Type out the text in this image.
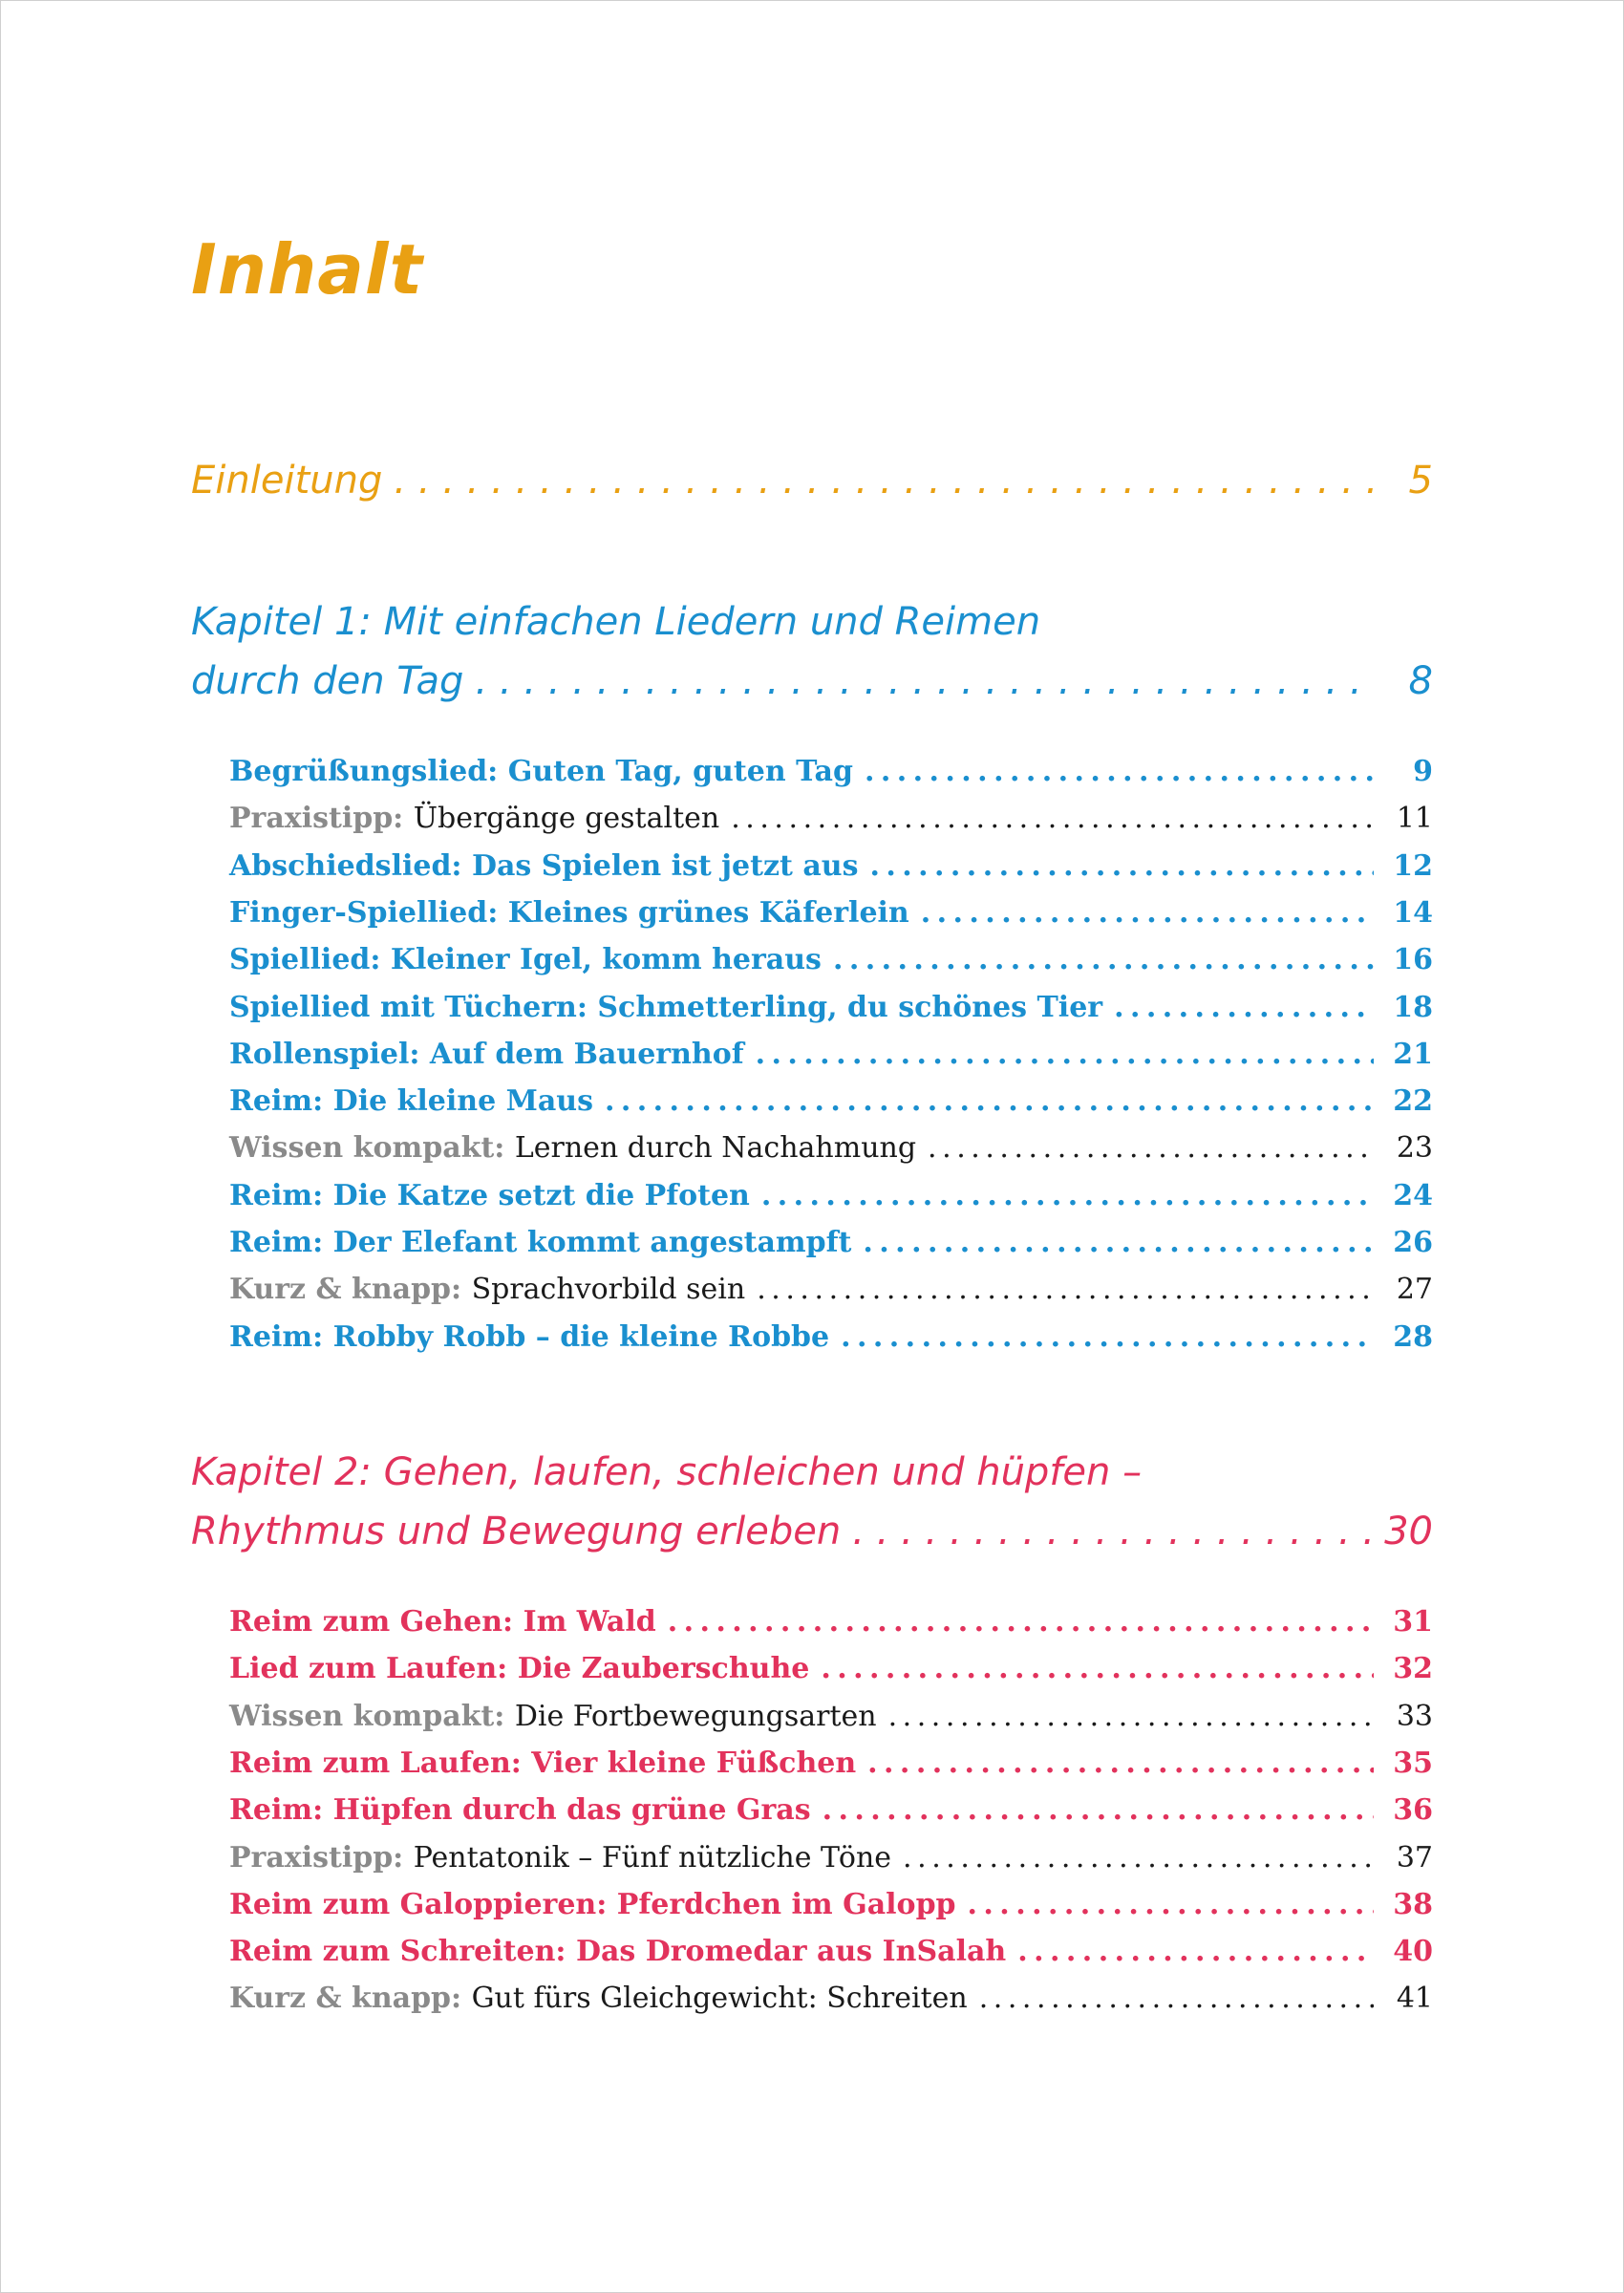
Inhalt
Einleitung . . .	5
Kapitel 1: Mit einfachen Liedern und Reimen
durch den Tag . . .	8
Begrüßungslied: Guten Tag, guten Tag . . .	9
Praxistipp: Übergänge gestalten . . .	11
Abschiedslied: Das Spielen ist jetzt aus . . .	12
Finger-Spiellied: Kleines grünes Käferlein . . .	14
Spiellied: Kleiner Igel, komm heraus . . .	16
Spiellied mit Tüchern: Schmetterling, du schönes Tier . . .	18
Rollenspiel: Auf dem Bauernhof . . .	21
Reim: Die kleine Maus . . .	22
Wissen kompakt: Lernen durch Nachahmung . . .	23
Reim: Die Katze setzt die Pfoten . . .	24
Reim: Der Elefant kommt angestampft . . .	26
Kurz & knapp: Sprachvorbild sein . . .	27
Reim: Robby Robb – die kleine Robbe . . .	28
Kapitel 2: Gehen, laufen, schleichen und hüpfen –
Rhythmus und Bewegung erleben . . .	30
Reim zum Gehen: Im Wald . . .	31
Lied zum Laufen: Die Zauberschuhe . . .	32
Wissen kompakt: Die Fortbewegungsarten . . .	33
Reim zum Laufen: Vier kleine Füßchen . . .	35
Reim: Hüpfen durch das grüne Gras . . .	36
Praxistipp: Pentatonik – Fünf nützliche Töne . . .	37
Reim zum Galoppieren: Pferdchen im Galopp . . .	38
Reim zum Schreiten: Das Dromedar aus InSalah . . .	40
Kurz & knapp: Gut fürs Gleichgewicht: Schreiten . . .	41
